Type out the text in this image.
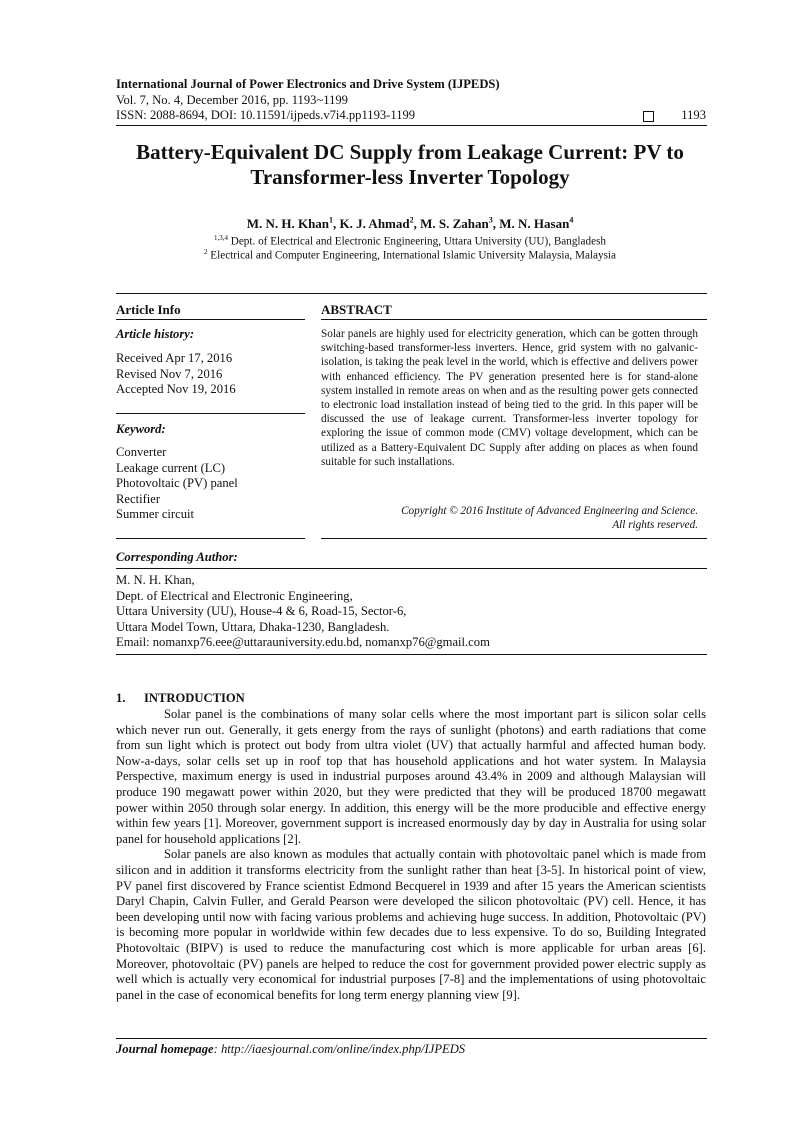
International Journal of Power Electronics and Drive System (IJPEDS)
Vol. 7, No. 4, December 2016, pp. 1193~1199
ISSN: 2088-8694, DOI: 10.11591/ijpeds.v7i4.pp1193-1199	1193
Battery-Equivalent DC Supply from Leakage Current: PV to
Transformer-less Inverter Topology
M. N. H. Khan$^1$, K. J. Ahmad$^2$, M. S. Zahan$^3$, M. N. Hasan$^4$
$^{1,3,4}$ Dept. of Electrical and Electronic Engineering, Uttara University (UU), Bangladesh
$^2$ Electrical and Computer Engineering, International Islamic University Malaysia, Malaysia
Article Info	ABSTRACT
Article history:
Received Apr 17, 2016
Revised Nov 7, 2016
Accepted Nov 19, 2016
Keyword:
Converter
Leakage current (LC)
Photovoltaic (PV) panel
Rectifier
Summer circuit
Solar panels are highly used for electricity generation, which can be gotten through switching-based transformer-less inverters. Hence, grid system with no galvanic-isolation, is taking the peak level in the world, which is effective and delivers power with enhanced efficiency. The PV generation presented here is for stand-alone system installed in remote areas on when and as the resulting power gets connected to electronic load installation instead of being tied to the grid. In this paper will be discussed the use of leakage current. Transformer-less inverter topology for exploring the issue of common mode (CMV) voltage development, which can be utilized as a Battery-Equivalent DC Supply after adding on places as when found suitable for such installations.
Copyright © 2016 Institute of Advanced Engineering and Science.
All rights reserved.
Corresponding Author:
M. N. H. Khan,
Dept. of Electrical and Electronic Engineering,
Uttara University (UU), House-4 & 6, Road-15, Sector-6,
Uttara Model Town, Uttara, Dhaka-1230, Bangladesh.
Email: nomanxp76.eee@uttarauniversity.edu.bd, nomanxp76@gmail.com
1. INTRODUCTION

Solar panel is the combinations of many solar cells where the most important part is silicon solar cells which never run out. Generally, it gets energy from the rays of sunlight (photons) and earth radiations that come from sun light which is protect out body from ultra violet (UV) that actually harmful and affected human body. Now-a-days, solar cells set up in roof top that has household applications and hot water system. In Malaysia Perspective, maximum energy is used in industrial purposes around 43.4% in 2009 and although Malaysian will produce 190 megawatt power within 2020, but they were predicted that they will be produced 18700 megawatt power within 2050 through solar energy. In addition, this energy will be the more producible and effective energy within few years [1]. Moreover, government support is increased enormously day by day in Australia for using solar panel for household applications [2].

Solar panels are also known as modules that actually contain with photovoltaic panel which is made from silicon and in addition it transforms electricity from the sunlight rather than heat [3-5]. In historical point of view, PV panel first discovered by France scientist Edmond Becquerel in 1939 and after 15 years the American scientists Daryl Chapin, Calvin Fuller, and Gerald Pearson were developed the silicon photovoltaic (PV) cell. Hence, it has been developing until now with facing various problems and achieving huge success. In addition, Photovoltaic (PV) is becoming more popular in worldwide within few decades due to less expensive. To do so, Building Integrated Photovoltaic (BIPV) is used to reduce the manufacturing cost which is more applicable for urban areas [6]. Moreover, photovoltaic (PV) panels are helped to reduce the cost for government provided power electric supply as well which is actually very economical for industrial purposes [7-8] and the implementations of using photovoltaic panel in the case of economical benefits for long term energy planning view [9].

Journal homepage: http://iaesjournal.com/online/index.php/IJPEDS
